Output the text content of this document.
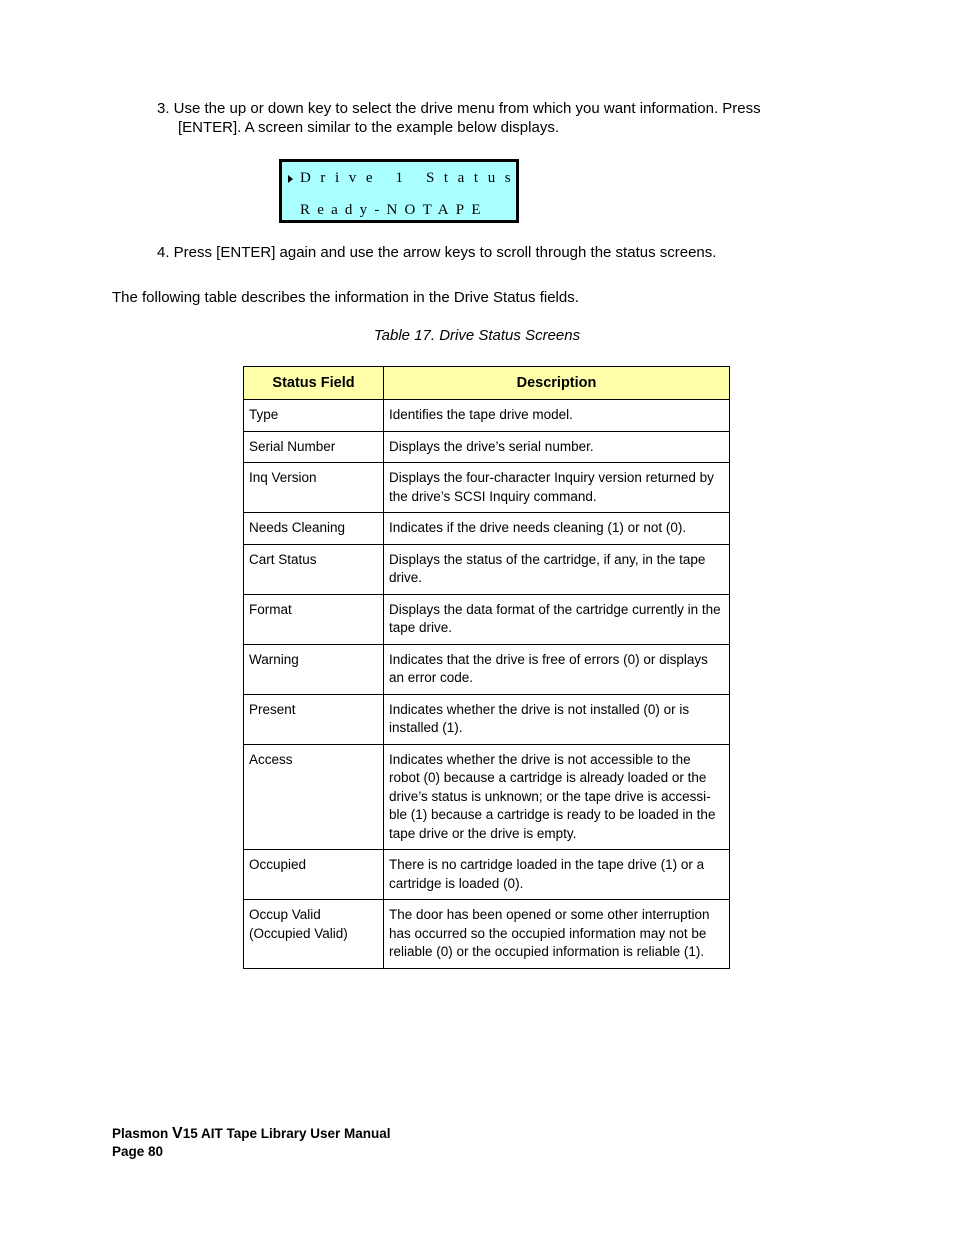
3. Use the up or down key to select the drive menu from which you want information. Press
[ENTER]. A screen similar to the example below displays.
Drive 1 Status
Ready-NOTAPE
4. Press [ENTER] again and use the arrow keys to scroll through the status screens.
The following table describes the information in the Drive Status fields.
Table 17. Drive Status Screens
Status Field	Description
Type	Identifies the tape drive model.
Serial Number	Displays the drive’s serial number.
Inq Version	Displays the four-character Inquiry version returned by the drive’s SCSI Inquiry command.
Needs Cleaning	Indicates if the drive needs cleaning (1) or not (0).
Cart Status	Displays the status of the cartridge, if any, in the tape drive.
Format	Displays the data format of the cartridge currently in the tape drive.
Warning	Indicates that the drive is free of errors (0) or displays an error code.
Present	Indicates whether the drive is not installed (0) or is installed (1).
Access	Indicates whether the drive is not accessible to the robot (0) because a cartridge is already loaded or the drive’s status is unknown; or the tape drive is accessi-ble (1) because a cartridge is ready to be loaded in the tape drive or the drive is empty.
Occupied	There is no cartridge loaded in the tape drive (1) or a cartridge is loaded (0).
Occup Valid
(Occupied Valid)	The door has been opened or some other interruption has occurred so the occupied information may not be reliable (0) or the occupied information is reliable (1).
Plasmon V15 AIT Tape Library User Manual
Page 80
